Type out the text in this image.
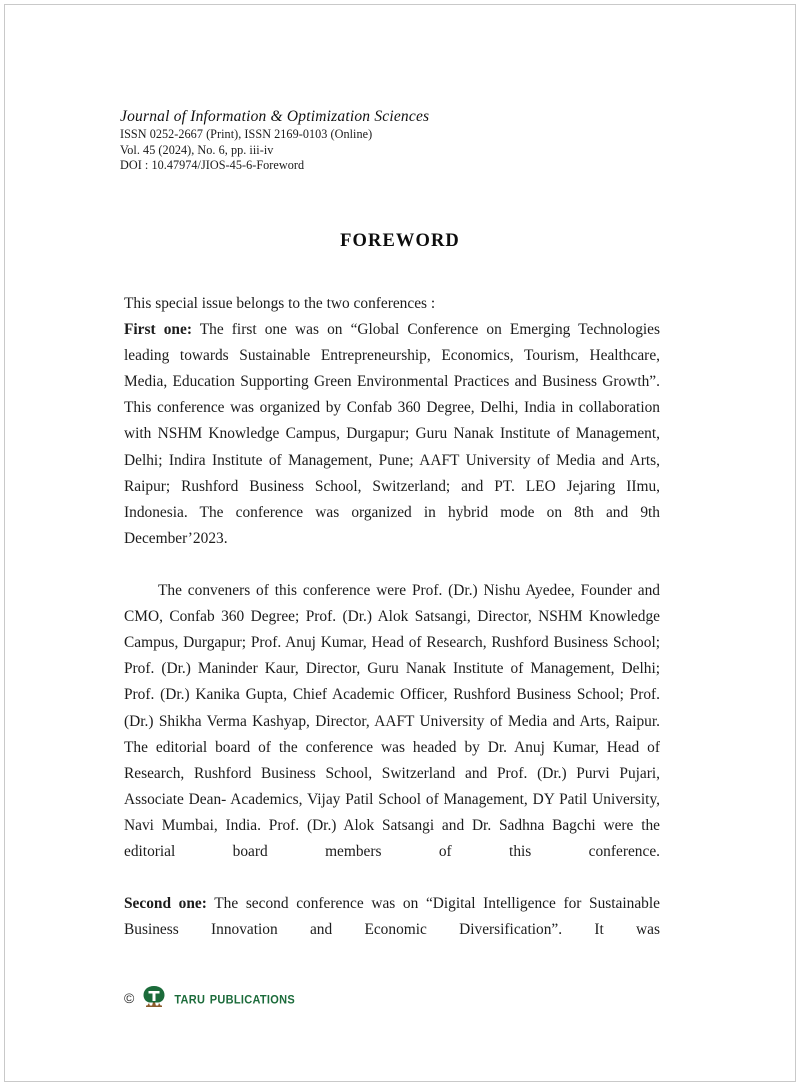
Journal of Information & Optimization Sciences
ISSN 0252-2667 (Print), ISSN 2169-0103 (Online)
Vol. 45 (2024), No. 6, pp. iii-iv
DOI : 10.47974/JIOS-45-6-Foreword
FOREWORD

This special issue belongs to the two conferences :

First one: The first one was on “Global Conference on Emerging Technologies leading towards Sustainable Entrepreneurship, Economics, Tourism, Healthcare, Media, Education Supporting Green Environmental Practices and Business Growth”. This conference was organized by Confab 360 Degree, Delhi, India in collaboration with NSHM Knowledge Campus, Durgapur; Guru Nanak Institute of Management, Delhi; Indira Institute of Management, Pune; AAFT University of Media and Arts, Raipur; Rushford Business School, Switzerland; and PT. LEO Jejaring IImu, Indonesia. The conference was organized in hybrid mode on 8th and 9th December’2023.

The conveners of this conference were Prof. (Dr.) Nishu Ayedee, Founder and CMO, Confab 360 Degree; Prof. (Dr.) Alok Satsangi, Director, NSHM Knowledge Campus, Durgapur; Prof. Anuj Kumar, Head of Research, Rushford Business School; Prof. (Dr.) Maninder Kaur, Director, Guru Nanak Institute of Management, Delhi; Prof. (Dr.) Kanika Gupta, Chief Academic Officer, Rushford Business School; Prof. (Dr.) Shikha Verma Kashyap, Director, AAFT University of Media and Arts, Raipur. The editorial board of the conference was headed by Dr. Anuj Kumar, Head of Research, Rushford Business School, Switzerland and Prof. (Dr.) Purvi Pujari, Associate Dean- Academics, Vijay Patil School of Management, DY Patil University, Navi Mumbai, India. Prof. (Dr.) Alok Satsangi and Dr. Sadhna Bagchi were the editorial board members of this conference.

Second one: The second conference was on “Digital Intelligence for Sustainable Business Innovation and Economic Diversification”. It was

©	taru publications
